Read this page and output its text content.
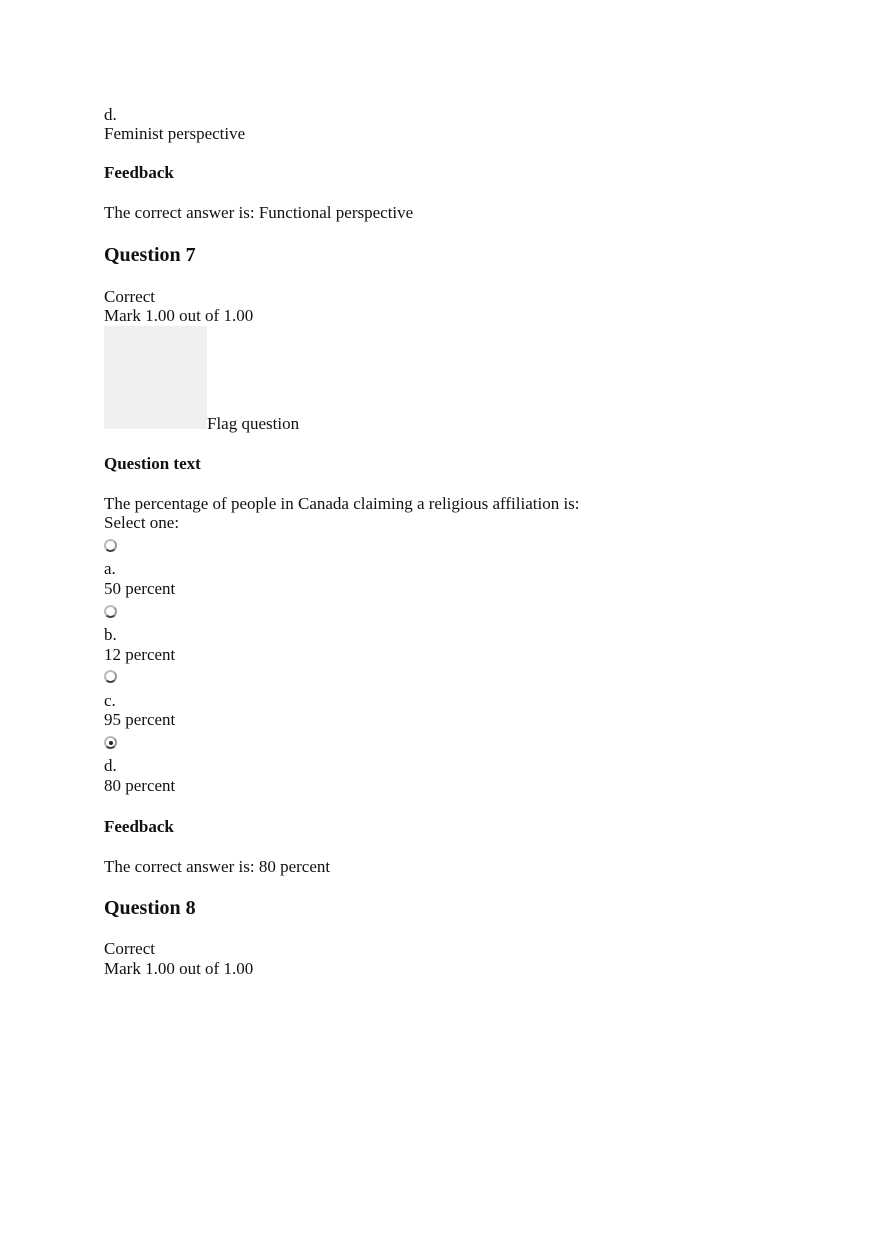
d.
Feminist perspective
Feedback
The correct answer is: Functional perspective
Question 7
Correct
Mark 1.00 out of 1.00
Flag question
Question text
The percentage of people in Canada claiming a religious affiliation is:
Select one:
a.
50 percent
b.
12 percent
c.
95 percent
d.
80 percent
Feedback
The correct answer is: 80 percent
Question 8
Correct
Mark 1.00 out of 1.00
